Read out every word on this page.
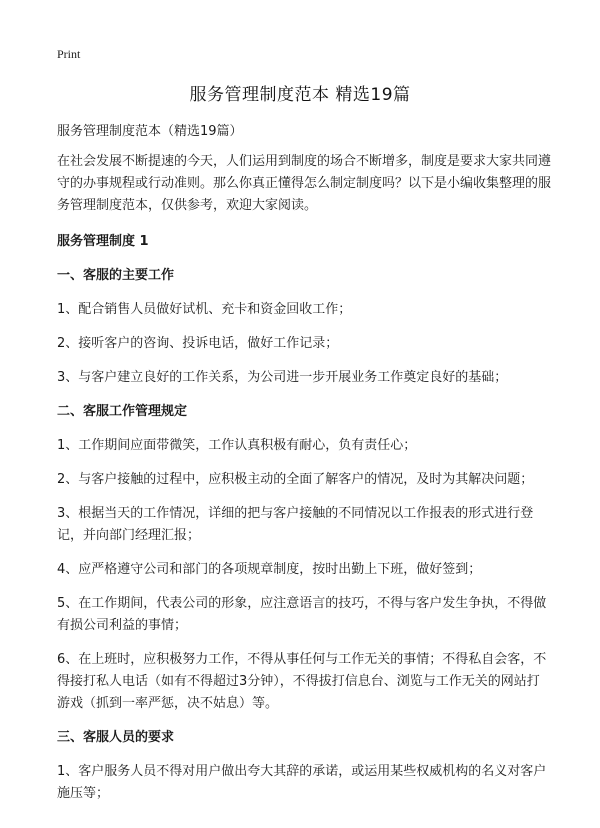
Print
服务管理制度范本 精选19篇

服务管理制度范本（精选19篇）

在社会发展不断提速的今天，人们运用到制度的场合不断增多，制度是要求大家共同遵守的办事规程或行动准则。那么你真正懂得怎么制定制度吗？以下是小编收集整理的服务管理制度范本，仅供参考，欢迎大家阅读。

服务管理制度 1

一、客服的主要工作

1、配合销售人员做好试机、充卡和资金回收工作；

2、接听客户的咨询、投诉电话，做好工作记录；

3、与客户建立良好的工作关系，为公司进一步开展业务工作奠定良好的基础；

二、客服工作管理规定

1、工作期间应面带微笑，工作认真积极有耐心，负有责任心；

2、与客户接触的过程中，应积极主动的全面了解客户的情况，及时为其解决问题；

3、根据当天的工作情况，详细的把与客户接触的不同情况以工作报表的形式进行登记，并向部门经理汇报；

4、应严格遵守公司和部门的各项规章制度，按时出勤上下班，做好签到；

5、在工作期间，代表公司的形象，应注意语言的技巧，不得与客户发生争执，不得做有损公司利益的事情；

6、在上班时，应积极努力工作，不得从事任何与工作无关的事情；不得私自会客，不得接打私人电话（如有不得超过3分钟），不得拔打信息台、浏览与工作无关的网站打游戏（抓到一率严惩，决不姑息）等。

三、客服人员的要求

1、客户服务人员不得对用户做出夸大其辞的承诺，或运用某些权威机构的名义对客户施压等；
